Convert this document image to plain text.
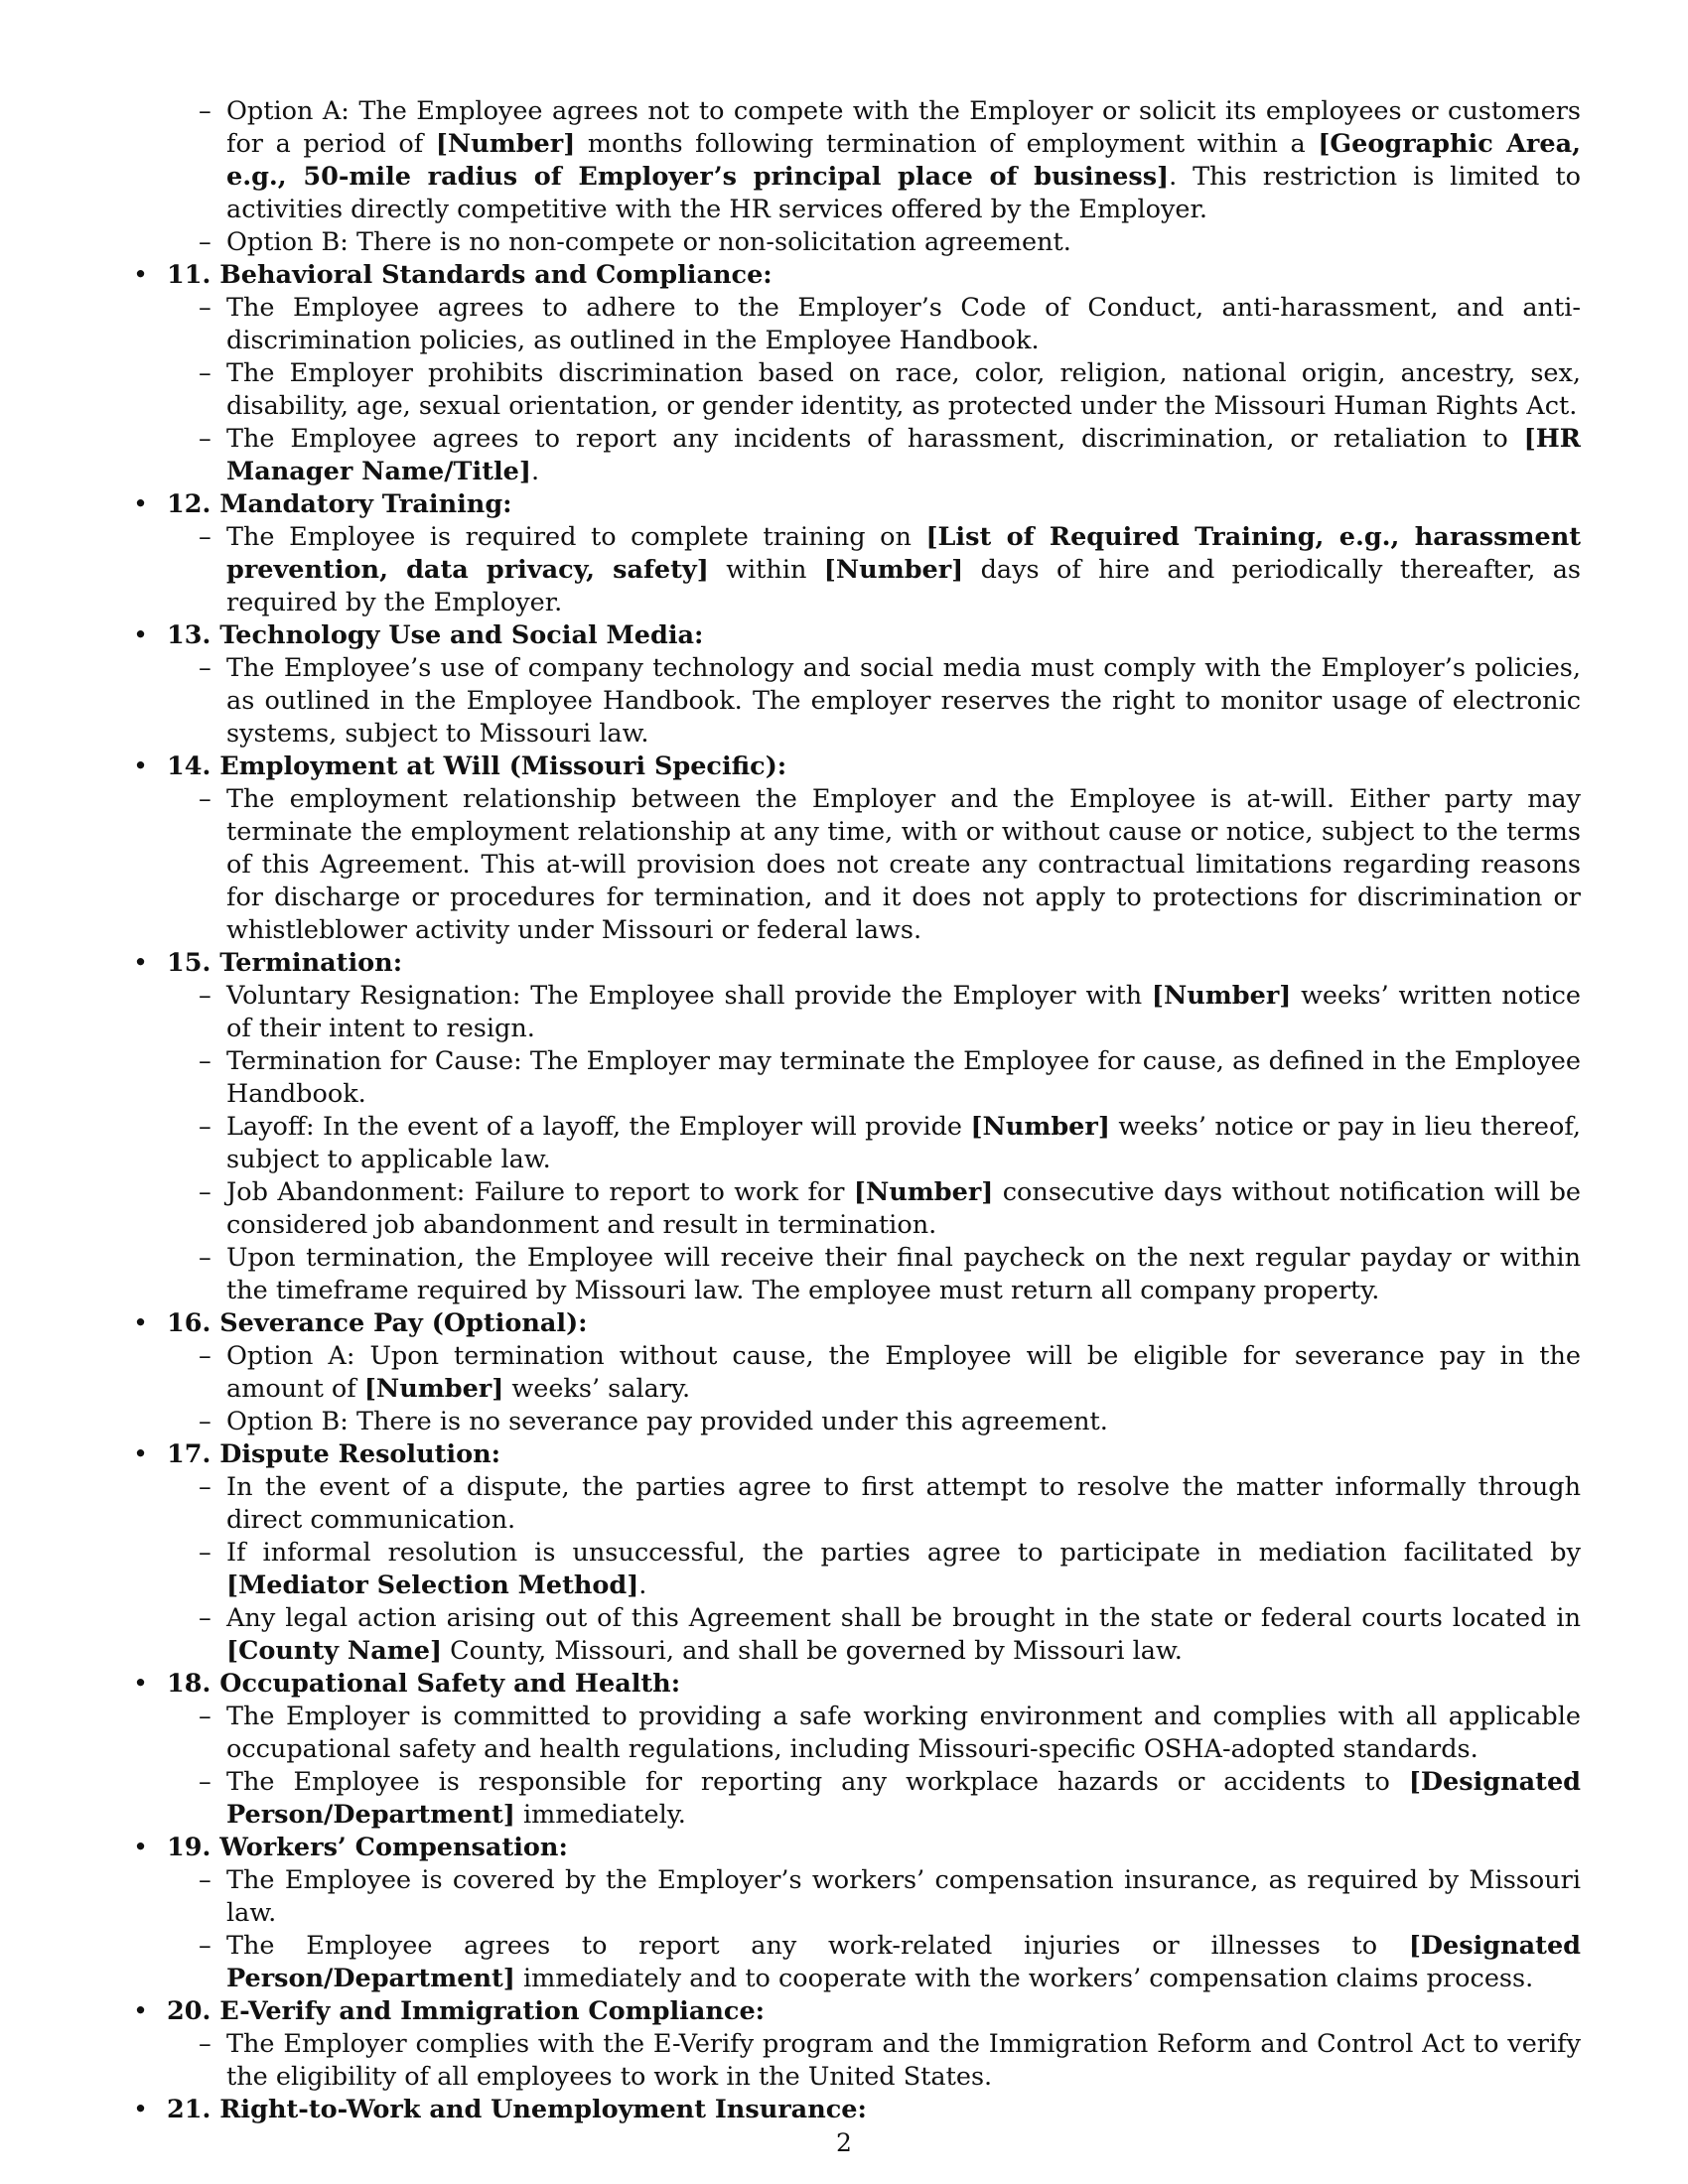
– Option A: The Employee agrees not to compete with the Employer or solicit its employees or customers for a period of [Number] months following termination of employment within a [Geographic Area, e.g., 50-mile radius of Employer’s principal place of business]. This restriction is limited to activities directly competitive with the HR services offered by the Employer.
– Option B: There is no non-compete or non-solicitation agreement.
• 11. Behavioral Standards and Compliance:
– The Employee agrees to adhere to the Employer’s Code of Conduct, anti-harassment, and anti-discrimination policies, as outlined in the Employee Handbook.
– The Employer prohibits discrimination based on race, color, religion, national origin, ancestry, sex, disability, age, sexual orientation, or gender identity, as protected under the Missouri Human Rights Act.
– The Employee agrees to report any incidents of harassment, discrimination, or retaliation to [HR Manager Name/Title].
• 12. Mandatory Training:
– The Employee is required to complete training on [List of Required Training, e.g., harassment prevention, data privacy, safety] within [Number] days of hire and periodically thereafter, as required by the Employer.
• 13. Technology Use and Social Media:
– The Employee’s use of company technology and social media must comply with the Employer’s policies, as outlined in the Employee Handbook. The employer reserves the right to monitor usage of electronic systems, subject to Missouri law.
• 14. Employment at Will (Missouri Specific):
– The employment relationship between the Employer and the Employee is at-will. Either party may terminate the employment relationship at any time, with or without cause or notice, subject to the terms of this Agreement. This at-will provision does not create any contractual limitations regarding reasons for discharge or procedures for termination, and it does not apply to protections for discrimination or whistleblower activity under Missouri or federal laws.
• 15. Termination:
– Voluntary Resignation: The Employee shall provide the Employer with [Number] weeks’ written notice of their intent to resign.
– Termination for Cause: The Employer may terminate the Employee for cause, as defined in the Employee Handbook.
– Layoff: In the event of a layoff, the Employer will provide [Number] weeks’ notice or pay in lieu thereof, subject to applicable law.
– Job Abandonment: Failure to report to work for [Number] consecutive days without notification will be considered job abandonment and result in termination.
– Upon termination, the Employee will receive their final paycheck on the next regular payday or within the timeframe required by Missouri law. The employee must return all company property.
• 16. Severance Pay (Optional):
– Option A: Upon termination without cause, the Employee will be eligible for severance pay in the amount of [Number] weeks’ salary.
– Option B: There is no severance pay provided under this agreement.
• 17. Dispute Resolution:
– In the event of a dispute, the parties agree to first attempt to resolve the matter informally through direct communication.
– If informal resolution is unsuccessful, the parties agree to participate in mediation facilitated by [Mediator Selection Method].
– Any legal action arising out of this Agreement shall be brought in the state or federal courts located in [County Name] County, Missouri, and shall be governed by Missouri law.
• 18. Occupational Safety and Health:
– The Employer is committed to providing a safe working environment and complies with all applicable occupational safety and health regulations, including Missouri-specific OSHA-adopted standards.
– The Employee is responsible for reporting any workplace hazards or accidents to [Designated Person/Department] immediately.
• 19. Workers’ Compensation:
– The Employee is covered by the Employer’s workers’ compensation insurance, as required by Missouri law.
– The Employee agrees to report any work-related injuries or illnesses to [Designated Person/Department] immediately and to cooperate with the workers’ compensation claims process.
• 20. E-Verify and Immigration Compliance:
– The Employer complies with the E-Verify program and the Immigration Reform and Control Act to verify the eligibility of all employees to work in the United States.
• 21. Right-to-Work and Unemployment Insurance:
2
